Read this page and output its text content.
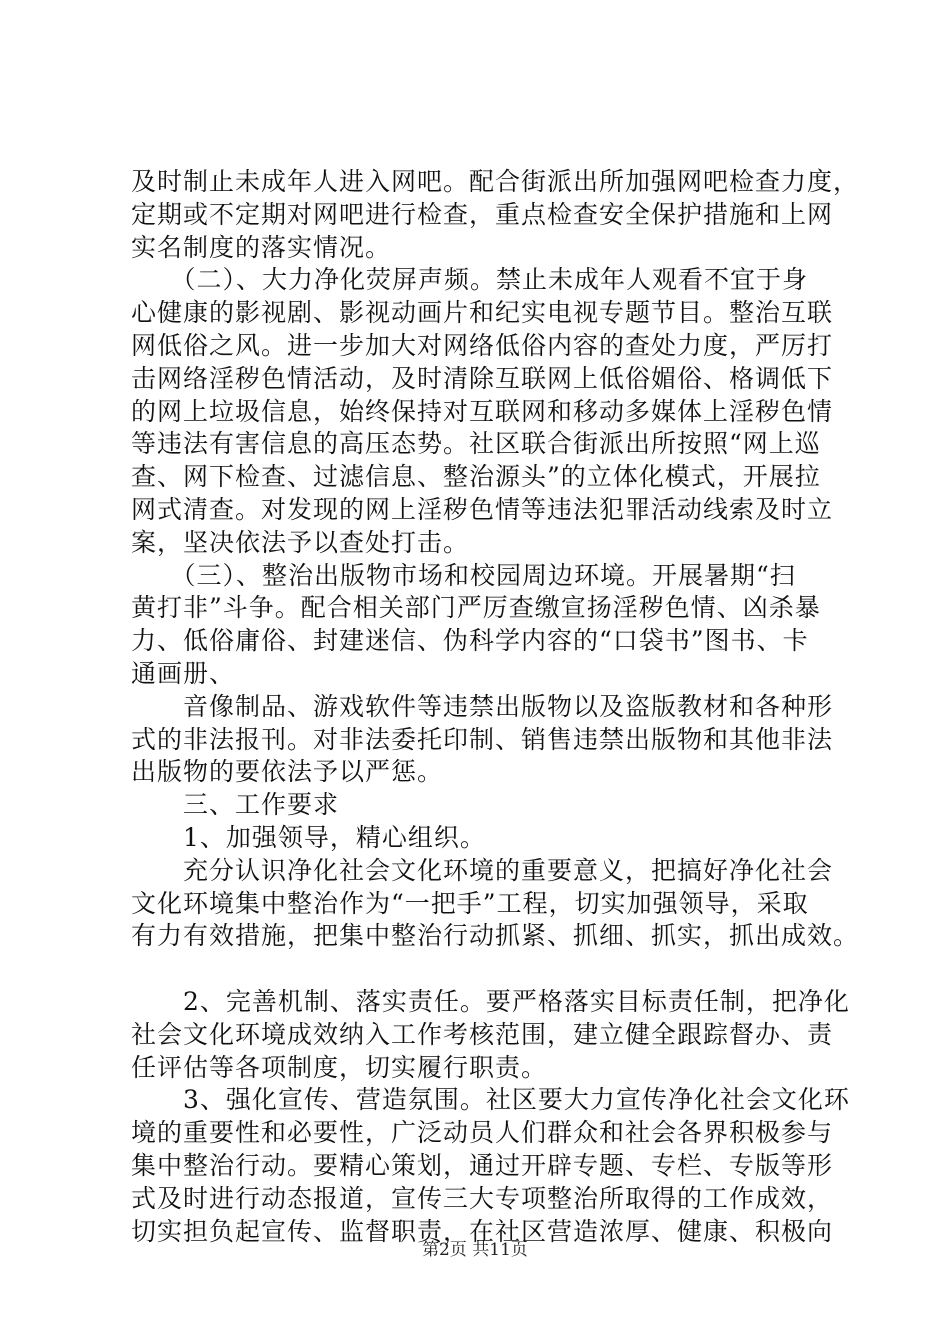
及时制止未成年人进入网吧。配合街派出所加强网吧检查力度，
定期或不定期对网吧进行检查，重点检查安全保护措施和上网
实名制度的落实情况。
　　（二）、大力净化荧屏声频。禁止未成年人观看不宜于身
心健康的影视剧、影视动画片和纪实电视专题节目。整治互联
网低俗之风。进一步加大对网络低俗内容的查处力度，严厉打
击网络淫秽色情活动，及时清除互联网上低俗媚俗、格调低下
的网上垃圾信息，始终保持对互联网和移动多媒体上淫秽色情
等违法有害信息的高压态势。社区联合街派出所按照“网上巡
查、网下检查、过滤信息、整治源头”的立体化模式，开展拉
网式清查。对发现的网上淫秽色情等违法犯罪活动线索及时立
案，坚决依法予以查处打击。
　　（三）、整治出版物市场和校园周边环境。开展暑期“扫
黄打非”斗争。配合相关部门严厉查缴宣扬淫秽色情、凶杀暴
力、低俗庸俗、封建迷信、伪科学内容的“口袋书”图书、卡
通画册、
　　音像制品、游戏软件等违禁出版物以及盗版教材和各种形
式的非法报刊。对非法委托印制、销售违禁出版物和其他非法
出版物的要依法予以严惩。
　　三、工作要求
　　1、加强领导，精心组织。
　　充分认识净化社会文化环境的重要意义，把搞好净化社会
文化环境集中整治作为“一把手”工程，切实加强领导，采取
有力有效措施，把集中整治行动抓紧、抓细、抓实，抓出成效。
　　2、完善机制、落实责任。要严格落实目标责任制，把净化
社会文化环境成效纳入工作考核范围，建立健全跟踪督办、责
任评估等各项制度，切实履行职责。
　　3、强化宣传、营造氛围。社区要大力宣传净化社会文化环
境的重要性和必要性，广泛动员人们群众和社会各界积极参与
集中整治行动。要精心策划，通过开辟专题、专栏、专版等形
式及时进行动态报道，宣传三大专项整治所取得的工作成效，
切实担负起宣传、监督职责，在社区营造浓厚、健康、积极向
第2页 共11页
